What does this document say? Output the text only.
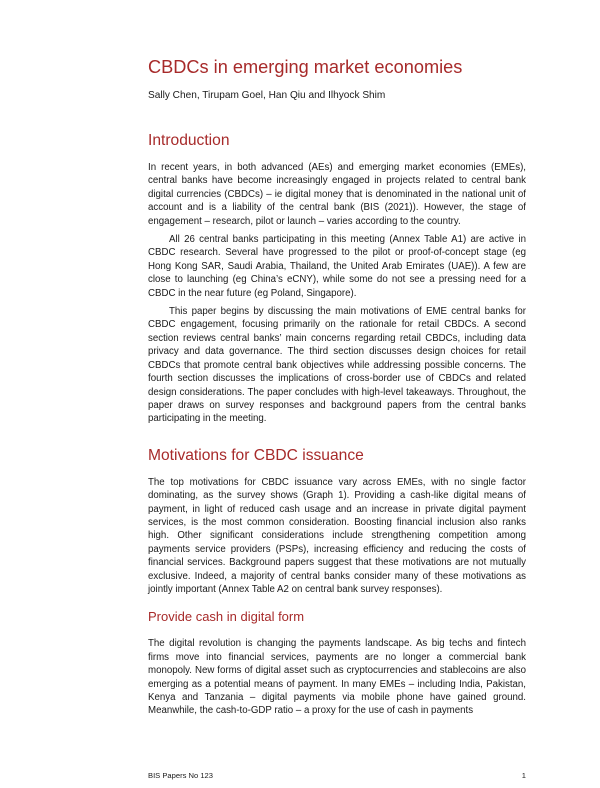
CBDCs in emerging market economies

Sally Chen, Tirupam Goel, Han Qiu and Ilhyock Shim

Introduction

In recent years, in both advanced (AEs) and emerging market economies (EMEs), central banks have become increasingly engaged in projects related to central bank digital currencies (CBDCs) – ie digital money that is denominated in the national unit of account and is a liability of the central bank (BIS (2021)). However, the stage of engagement – research, pilot or launch – varies according to the country.

All 26 central banks participating in this meeting (Annex Table A1) are active in CBDC research. Several have progressed to the pilot or proof-of-concept stage (eg Hong Kong SAR, Saudi Arabia, Thailand, the United Arab Emirates (UAE)). A few are close to launching (eg China’s eCNY), while some do not see a pressing need for a CBDC in the near future (eg Poland, Singapore).

This paper begins by discussing the main motivations of EME central banks for CBDC engagement, focusing primarily on the rationale for retail CBDCs. A second section reviews central banks’ main concerns regarding retail CBDCs, including data privacy and data governance. The third section discusses design choices for retail CBDCs that promote central bank objectives while addressing possible concerns. The fourth section discusses the implications of cross-border use of CBDCs and related design considerations. The paper concludes with high-level takeaways. Throughout, the paper draws on survey responses and background papers from the central banks participating in the meeting.

Motivations for CBDC issuance

The top motivations for CBDC issuance vary across EMEs, with no single factor dominating, as the survey shows (Graph 1). Providing a cash-like digital means of payment, in light of reduced cash usage and an increase in private digital payment services, is the most common consideration. Boosting financial inclusion also ranks high. Other significant considerations include strengthening competition among payments service providers (PSPs), increasing efficiency and reducing the costs of financial services. Background papers suggest that these motivations are not mutually exclusive. Indeed, a majority of central banks consider many of these motivations as jointly important (Annex Table A2 on central bank survey responses).

Provide cash in digital form

The digital revolution is changing the payments landscape. As big techs and fintech firms move into financial services, payments are no longer a commercial bank monopoly. New forms of digital asset such as cryptocurrencies and stablecoins are also emerging as a potential means of payment. In many EMEs – including India, Pakistan, Kenya and Tanzania – digital payments via mobile phone have gained ground. Meanwhile, the cash-to-GDP ratio – a proxy for the use of cash in payments

BIS Papers No 123	1
